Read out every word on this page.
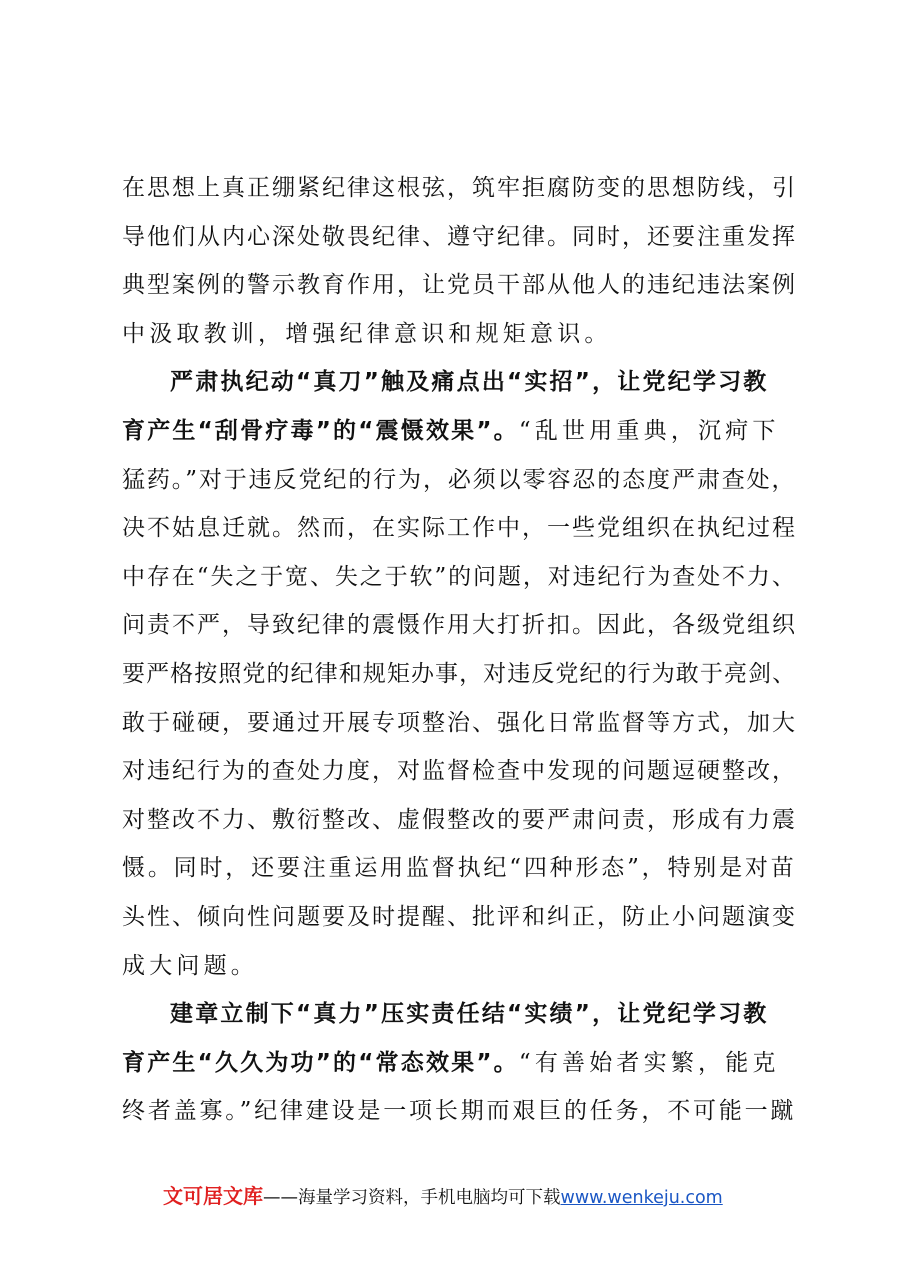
在思想上真正绷紧纪律这根弦，筑牢拒腐防变的思想防线，引
导他们从内心深处敬畏纪律、遵守纪律。同时，还要注重发挥
典型案例的警示教育作用，让党员干部从他人的违纪违法案例
中汲取教训，增强纪律意识和规矩意识。
严肃执纪动“真刀”触及痛点出“实招”，让党纪学习教
育产生“刮骨疗毒”的“震慑效果”。“乱世用重典，沉疴下
猛药。”对于违反党纪的行为，必须以零容忍的态度严肃查处，
决不姑息迁就。然而，在实际工作中，一些党组织在执纪过程
中存在“失之于宽、失之于软”的问题，对违纪行为查处不力、
问责不严，导致纪律的震慑作用大打折扣。因此，各级党组织
要严格按照党的纪律和规矩办事，对违反党纪的行为敢于亮剑、
敢于碰硬，要通过开展专项整治、强化日常监督等方式，加大
对违纪行为的查处力度，对监督检查中发现的问题逗硬整改，
对整改不力、敷衍整改、虚假整改的要严肃问责，形成有力震
慑。同时，还要注重运用监督执纪“四种形态”，特别是对苗
头性、倾向性问题要及时提醒、批评和纠正，防止小问题演变
成大问题。
建章立制下“真力”压实责任结“实绩”，让党纪学习教
育产生“久久为功”的“常态效果”。“有善始者实繁，能克
终者盖寡。”纪律建设是一项长期而艰巨的任务，不可能一蹴
文可居文库——海量学习资料，手机电脑均可下载www.wenkeju.com
